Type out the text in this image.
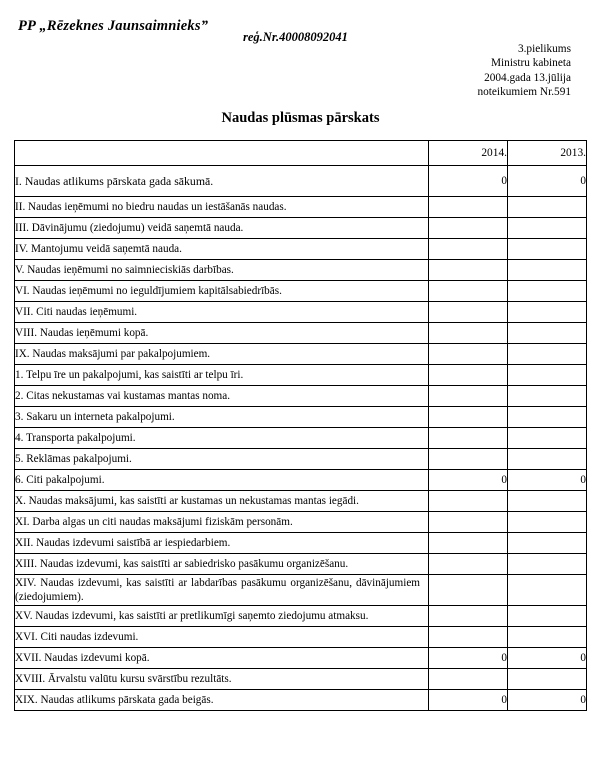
PP „Rēzeknes Jaunsaimnieks”
reģ.Nr.40008092041
3.pielikums
Ministru kabineta
2004.gada 13.jūlija
noteikumiem Nr.591
Naudas plūsmas pārskats
	2014.	2013.
I. Naudas atlikums pārskata gada sākumā.	0	0
II. Naudas ieņēmumi no biedru naudas un iestāšanās naudas.		
III. Dāvinājumu (ziedojumu) veidā saņemtā nauda.		
IV. Mantojumu veidā saņemtā nauda.		
V. Naudas ieņēmumi no saimnieciskiās darbības.		
VI. Naudas ieņēmumi no ieguldījumiem kapitālsabiedrībās.		
VII. Citi naudas ieņēmumi.		
VIII. Naudas ieņēmumi kopā.		
IX. Naudas maksājumi par pakalpojumiem.		
1. Telpu īre un pakalpojumi, kas saistīti ar telpu īri.		
2. Citas nekustamas vai kustamas mantas noma.		
3. Sakaru un interneta pakalpojumi.		
4. Transporta pakalpojumi.		
5. Reklāmas pakalpojumi.		
6. Citi pakalpojumi.	0	0
X. Naudas maksājumi, kas saistīti ar kustamas un nekustamas mantas iegādi.		
XI. Darba algas un citi naudas maksājumi fiziskām personām.		
XII. Naudas izdevumi saistībā ar iespiedarbiem.		
XIII. Naudas izdevumi, kas saistīti ar sabiedrisko pasākumu organizēšanu.		
XIV. Naudas izdevumi, kas saistīti ar labdarības pasākumu organizēšanu, dāvinājumiem (ziedojumiem).		
XV. Naudas izdevumi, kas saistīti ar pretlikumīgi saņemto ziedojumu atmaksu.		
XVI. Citi naudas izdevumi.		
XVII. Naudas izdevumi kopā.	0	0
XVIII. Ārvalstu valūtu kursu svārstību rezultāts.		
XIX. Naudas atlikums pārskata gada beigās.	0	0
